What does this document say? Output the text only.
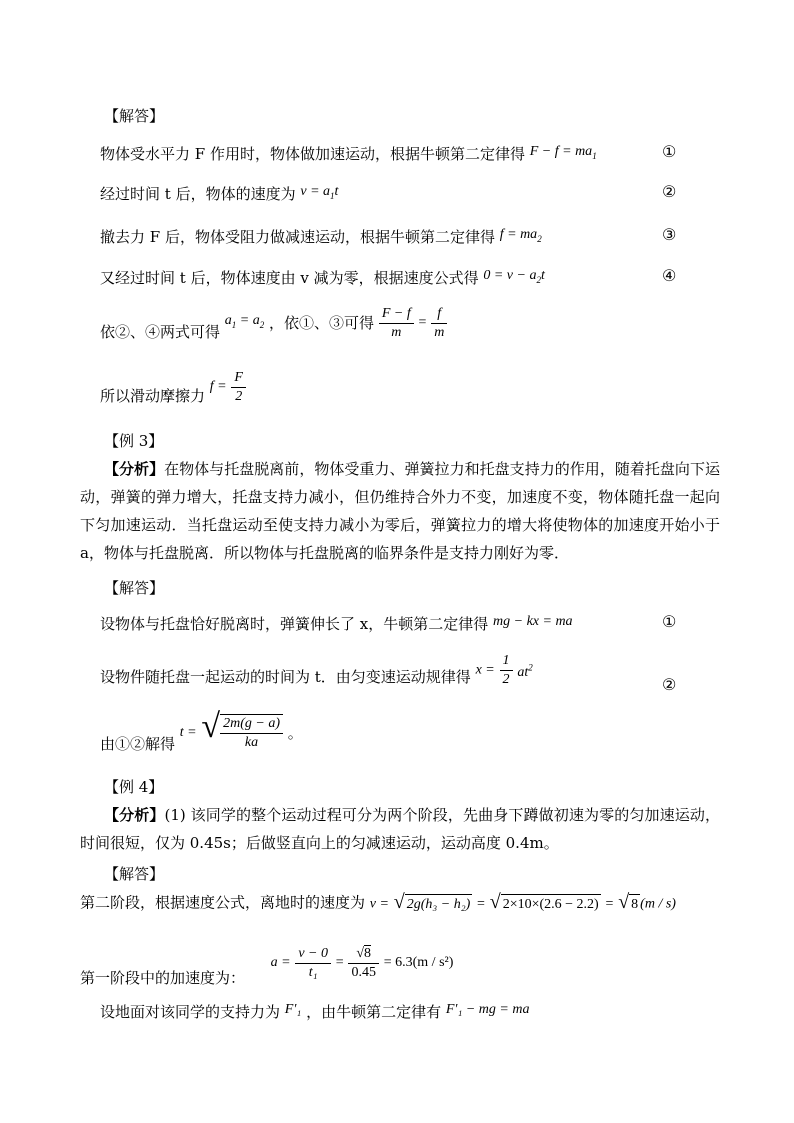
【解答】
物体受水平力 F 作用时，物体做加速运动，根据牛顿第二定律得 $F - f = ma_1$	①
经过时间 t 后，物体的速度为 $v = a_1t$	②
撤去力 F 后，物体受阻力做减速运动，根据牛顿第二定律得 $f = ma_2$	③
又经过时间 t 后，物体速度由 v 减为零，根据速度公式得 $0 = v - a_2t$	④
依②、④两式可得 $a_1 = a_2$ ，依①、③可得 $\frac{F - f}{m} = \frac{f}{m}$
所以滑动摩擦力 $f = \frac{F}{2}$
【例 3】
【分析】在物体与托盘脱离前，物体受重力、弹簧拉力和托盘支持力的作用，随着托盘向下运动，弹簧的弹力增大，托盘支持力减小，但仍维持合外力不变，加速度不变，物体随托盘一起向下匀加速运动．当托盘运动至使支持力减小为零后，弹簧拉力的增大将使物体的加速度开始小于 a，物体与托盘脱离．所以物体与托盘脱离的临界条件是支持力刚好为零．
【解答】
设物体与托盘恰好脱离时，弹簧伸长了 x，牛顿第二定律得 mg − kx = ma	①
设物件随托盘一起运动的时间为 t．由匀变速运动规律得 $x = \frac{1}{2} at^2$
②
由①②解得 t = √ $\frac{2m(g - a)}{ka}$ 。
【例 4】
【分析】(1) 该同学的整个运动过程可分为两个阶段，先曲身下蹲做初速为零的匀加速运动，时间很短，仅为 0.45s；后做竖直向上的匀减速运动，运动高度 0.4m。
【解答】
第二阶段，根据速度公式，离地时的速度为 v = √ 2g(h₃ − h₂) = √ 2×10×(2.6 − 2.2) = √ 8 (m / s)
第一阶段中的加速度为：  $a = \frac{v - 0}{\text{t₁}} = \frac{√8}{0.45} = 6.3(m / s^2)$
设地面对该同学的支持力为 F′₁ ，由牛顿第二定律有 F′₁ − mg = ma
